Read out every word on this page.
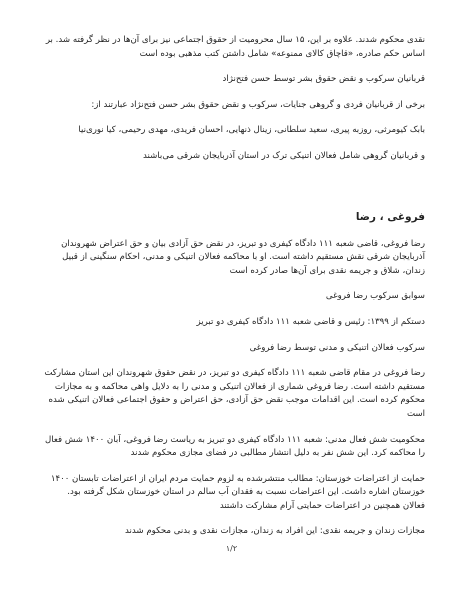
نقدی محکوم شدند. علاوه بر این، ۱۵ سال محرومیت از حقوق اجتماعی نیز برای آن‌ها در نظر گرفته شد. بر اساس حکم صادره، «قاچاق کالای ممنوعه» شامل داشتن کتب مذهبی بوده است

قربانیان سرکوب و نقض حقوق بشر توسط حسن فتح‌نژاد

برخی از قربانیان فردی و گروهی جنایات، سرکوب و نقض حقوق بشر حسن فتح‌نژاد عبارتند از:

بابک کیومرثی، روزبه پیری، سعید سلطانی، زینال ذنهایی، احسان فریدی، مهدی رحیمی، کیا نوری‌نیا

و قربانیان گروهی شامل فعالان اتنیکی ترک در استان آذربایجان شرقی می‌باشند

فروغی ، رضا

رضا فروغی، قاضی شعبه ۱۱۱ دادگاه کیفری دو تبریز، در نقض حق آزادی بیان و حق اعتراض شهروندان آذربایجان شرقی نقش مستقیم داشته است. او با محاکمه فعالان اتنیکی و مدنی، احکام سنگینی از قبیل زندان، شلاق و جریمه نقدی برای آن‌ها صادر کرده است

سوابق سرکوب رضا فروغی

دستکم از ۱۳۹۹: رئیس و قاضی شعبه ۱۱۱ دادگاه کیفری دو تبریز

سرکوب فعالان اتنیکی و مدنی توسط رضا فروغی

رضا فروغی در مقام قاضی شعبه ۱۱۱ دادگاه کیفری دو تبریز، در نقض حقوق شهروندان این استان مشارکت مستقیم داشته است. رضا فروغی شماری از فعالان اتنیکی و مدنی را به دلایل واهی محاکمه و به مجازات محکوم کرده است. این اقدامات موجب نقض حق آزادی، حق اعتراض و حقوق اجتماعی فعالان اتنیکی شده است

محکومیت شش فعال مدنی: شعبه ۱۱۱ دادگاه کیفری دو تبریز به ریاست رضا فروغی، آبان ۱۴۰۰ شش فعال را محاکمه کرد. این شش نفر به دلیل انتشار مطالبی در فضای مجازی محکوم شدند

حمایت از اعتراضات خوزستان: مطالب منتشرشده به لزوم حمایت مردم ایران از اعتراضات تابستان ۱۴۰۰ خوزستان اشاره داشت. این اعتراضات نسبت به فقدان آب سالم در استان خوزستان شکل گرفته بود. فعالان همچنین در اعتراضات حمایتی آرام مشارکت داشتند

مجازات زندان و جریمه نقدی: این افراد به زندان، مجازات نقدی و بدنی محکوم شدند

۱/۲
